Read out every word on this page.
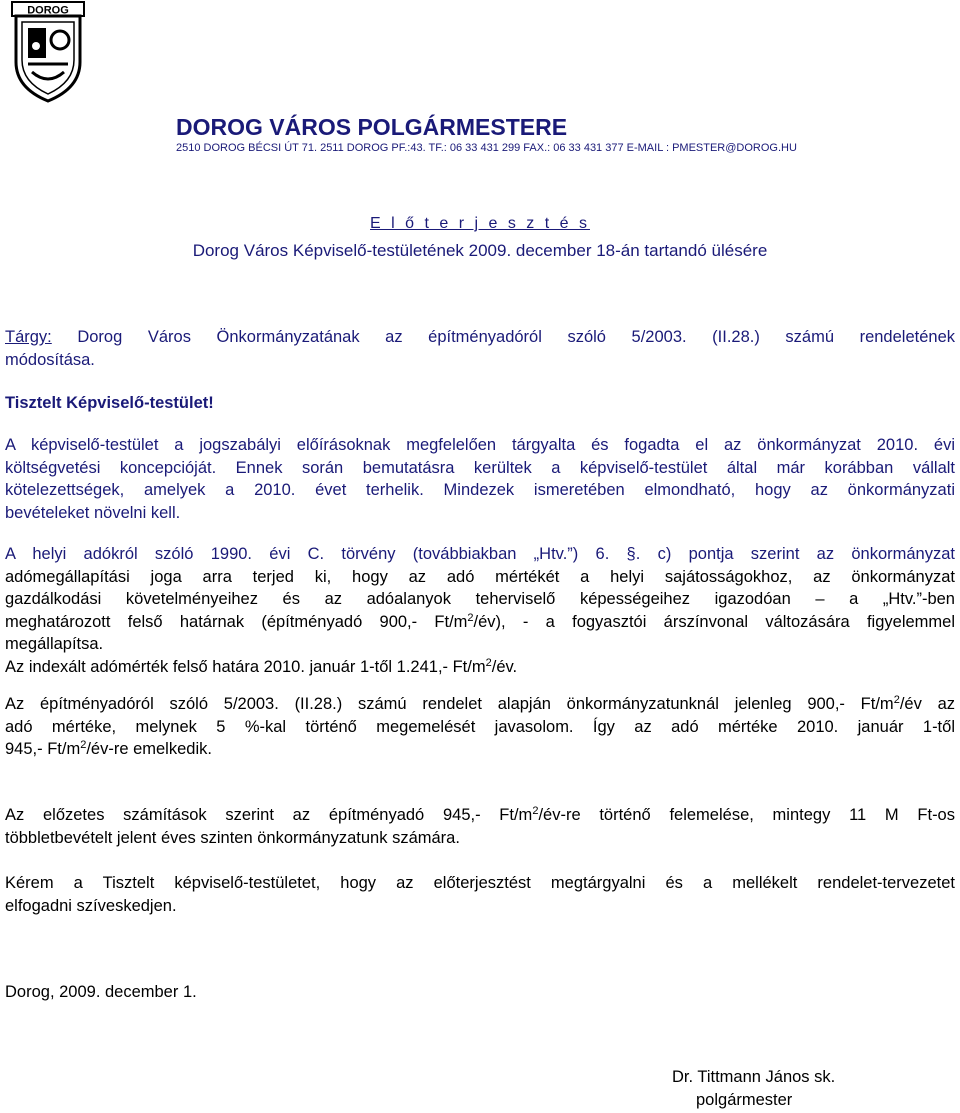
DOROG
DOROG VÁROS POLGÁRMESTERE
2510 DOROG BÉCSI ÚT 71. 2511 DOROG PF.:43. TF.: 06 33 431 299 FAX.: 06 33 431 377 E-MAIL : PMESTER@DOROG.HU
E l ő t e r j e s z t é s
Dorog Város Képviselő-testületének 2009. december 18-án tartandó ülésére
Tárgy: Dorog Város Önkormányzatának az építményadóról szóló 5/2003. (II.28.) számú rendeletének
módosítása.
Tisztelt Képviselő-testület!
A képviselő-testület a jogszabályi előírásoknak megfelelően tárgyalta és fogadta el az önkormányzat 2010. évi
költségvetési koncepcióját. Ennek során bemutatásra kerültek a képviselő-testület által már korábban vállalt
kötelezettségek, amelyek a 2010. évet terhelik. Mindezek ismeretében elmondható, hogy az önkormányzati
bevételeket növelni kell.
A helyi adókról szóló 1990. évi C. törvény (továbbiakban „Htv.”) 6. §. c) pontja szerint az önkormányzat
adómegállapítási joga arra terjed ki, hogy az adó mértékét a helyi sajátosságokhoz, az önkormányzat
gazdálkodási követelményeihez és az adóalanyok teherviselő képességeihez igazodóan – a „Htv.”-ben
meghatározott felső határnak (építményadó 900,- $Ft/m^2/év$), - a fogyasztói árszínvonal változására figyelemmel
megállapítsa.
Az indexált adómérték felső határa 2010. január 1-től 1.241,- $Ft/m^2/év$.
Az építményadóról szóló 5/2003. (II.28.) számú rendelet alapján önkormányzatunknál jelenleg 900,- $Ft/m^2/év$ az
adó mértéke, melynek 5 %-kal történő megemelését javasolom. Így az adó mértéke 2010. január 1-től
945,- $Ft/m^2/év-re$ emelkedik.
Az előzetes számítások szerint az építményadó 945,- $Ft/m^2/év-re$ történő felemelése, mintegy 11 M Ft-os
többletbevételt jelent éves szinten önkormányzatunk számára.
Kérem a Tisztelt képviselő-testületet, hogy az előterjesztést megtárgyalni és a mellékelt rendelet-tervezetet
elfogadni szíveskedjen.
Dorog, 2009. december 1.
Dr. Tittmann János sk.
polgármester
